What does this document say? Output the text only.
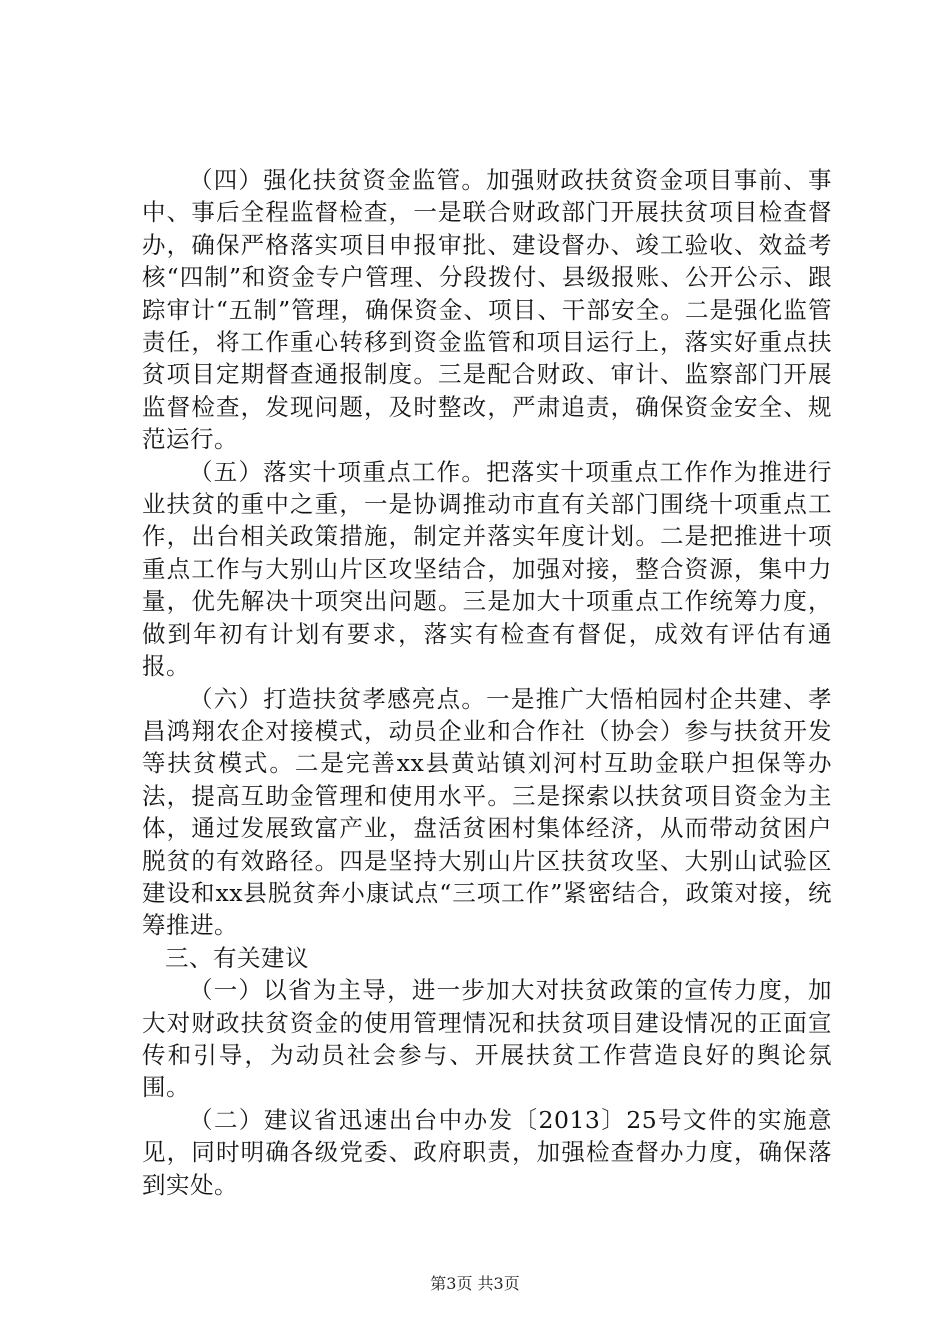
（四）强化扶贫资金监管。加强财政扶贫资金项目事前、事中、事后全程监督检查，一是联合财政部门开展扶贫项目检查督办，确保严格落实项目申报审批、建设督办、竣工验收、效益考核“四制”和资金专户管理、分段拨付、县级报账、公开公示、跟踪审计“五制”管理，确保资金、项目、干部安全。二是强化监管责任，将工作重心转移到资金监管和项目运行上，落实好重点扶贫项目定期督查通报制度。三是配合财政、审计、监察部门开展监督检查，发现问题，及时整改，严肃追责，确保资金安全、规范运行。

（五）落实十项重点工作。把落实十项重点工作作为推进行业扶贫的重中之重，一是协调推动市直有关部门围绕十项重点工作，出台相关政策措施，制定并落实年度计划。二是把推进十项重点工作与大别山片区攻坚结合，加强对接，整合资源，集中力量，优先解决十项突出问题。三是加大十项重点工作统筹力度，做到年初有计划有要求，落实有检查有督促，成效有评估有通报。

（六）打造扶贫孝感亮点。一是推广大悟柏园村企共建、孝昌鸿翔农企对接模式，动员企业和合作社（协会）参与扶贫开发等扶贫模式。二是完善xx县黄站镇刘河村互助金联户担保等办法，提高互助金管理和使用水平。三是探索以扶贫项目资金为主体，通过发展致富产业，盘活贫困村集体经济，从而带动贫困户脱贫的有效路径。四是坚持大别山片区扶贫攻坚、大别山试验区建设和xx县脱贫奔小康试点“三项工作”紧密结合，政策对接，统筹推进。

三、有关建议

（一）以省为主导，进一步加大对扶贫政策的宣传力度，加大对财政扶贫资金的使用管理情况和扶贫项目建设情况的正面宣传和引导，为动员社会参与、开展扶贫工作营造良好的舆论氛围。

（二）建议省迅速出台中办发〔2013〕25号文件的实施意见，同时明确各级党委、政府职责，加强检查督办力度，确保落到实处。

第3页 共3页
